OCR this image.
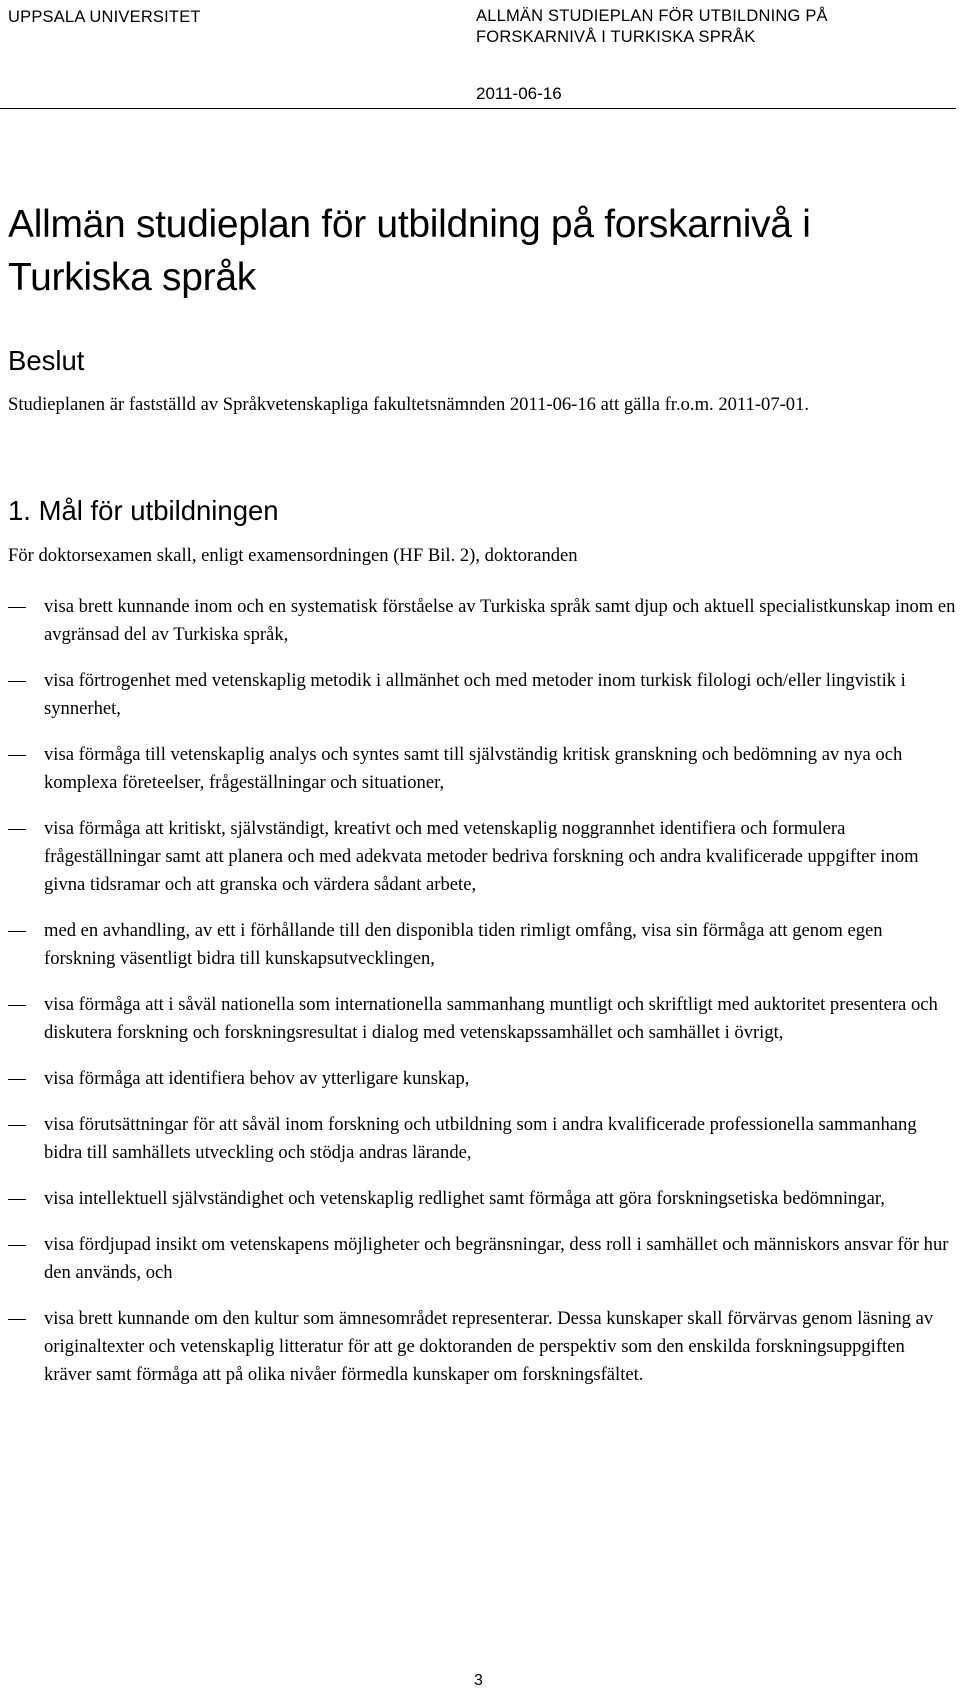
UPPSALA UNIVERSITET	ALLMÄN STUDIEPLAN FÖR UTBILDNING PÅ FORSKARNIVÅ I TURKISKA SPRÅK
2011-06-16
Allmän studieplan för utbildning på forskarnivå i Turkiska språk
Beslut

Studieplanen är fastställd av Språkvetenskapliga fakultetsnämnden 2011-06-16 att gälla fr.o.m. 2011-07-01.

1. Mål för utbildningen

För doktorsexamen skall, enligt examensordningen (HF Bil. 2), doktoranden

visa brett kunnande inom och en systematisk förståelse av Turkiska språk samt djup och aktuell specialistkunskap inom en avgränsad del av Turkiska språk,
visa förtrogenhet med vetenskaplig metodik i allmänhet och med metoder inom turkisk filologi och/eller lingvistik i synnerhet,
visa förmåga till vetenskaplig analys och syntes samt till självständig kritisk granskning och bedömning av nya och komplexa företeelser, frågeställningar och situationer,
visa förmåga att kritiskt, självständigt, kreativt och med vetenskaplig noggrannhet identifiera och formulera frågeställningar samt att planera och med adekvata metoder bedriva forskning och andra kvalificerade uppgifter inom givna tidsramar och att granska och värdera sådant arbete,
med en avhandling, av ett i förhållande till den disponibla tiden rimligt omfång, visa sin förmåga att genom egen forskning väsentligt bidra till kunskapsutvecklingen,
visa förmåga att i såväl nationella som internationella sammanhang muntligt och skriftligt med auktoritet presentera och diskutera forskning och forskningsresultat i dialog med vetenskapssamhället och samhället i övrigt,
visa förmåga att identifiera behov av ytterligare kunskap,
visa förutsättningar för att såväl inom forskning och utbildning som i andra kvalificerade professionella sammanhang bidra till samhällets utveckling och stödja andras lärande,
visa intellektuell självständighet och vetenskaplig redlighet samt förmåga att göra forskningsetiska bedömningar,
visa fördjupad insikt om vetenskapens möjligheter och begränsningar, dess roll i samhället och människors ansvar för hur den används, och
visa brett kunnande om den kultur som ämnesområdet representerar. Dessa kunskaper skall förvärvas genom läsning av originaltexter och vetenskaplig litteratur för att ge doktoranden de perspektiv som den enskilda forskningsuppgiften kräver samt förmåga att på olika nivåer förmedla kunskaper om forskningsfältet.
3
